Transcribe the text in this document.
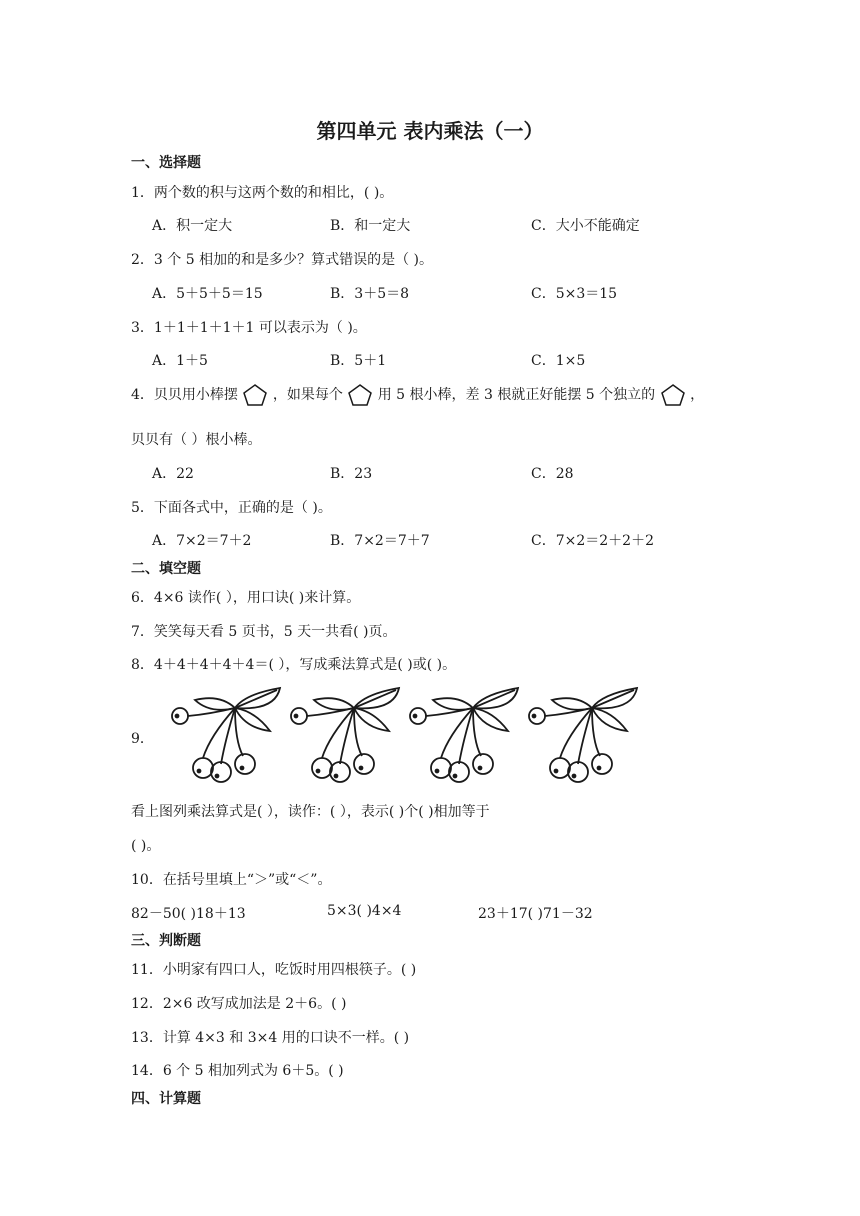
第四单元 表内乘法（一）
一、选择题
1．两个数的积与这两个数的和相比，( )。
A．积一定大	B．和一定大	C．大小不能确定
2．3 个 5 相加的和是多少？算式错误的是（ )。
A．5＋5＋5＝15	B．3＋5＝8	C．5×3＝15
3．1＋1＋1＋1＋1 可以表示为（ )。
A．1＋5	B．5＋1	C．1×5
4．贝贝用小棒摆 ，如果每个 用 5 根小棒，差 3 根就正好能摆 5 个独立的 ，
贝贝有（ ）根小棒。
A．22	B．23	C．28
5．下面各式中，正确的是（ )。
A．7×2＝7＋2	B．7×2＝7＋7	C．7×2＝2＋2＋2
二、填空题
6．4×6 读作( ），用口诀( )来计算。
7．笑笑每天看 5 页书，5 天一共看( )页。
8．4＋4＋4＋4＋4＝( ），写成乘法算式是( )或( )。
9．
看上图列乘法算式是( ），读作：( ），表示( )个( )相加等于
( )。
10．在括号里填上“＞”或“＜”。
82－50( )18＋13	5×3( )4×4	23＋17( )71－32
三、判断题
11．小明家有四口人，吃饭时用四根筷子。( )
12．2×6 改写成加法是 2＋6。( )
13．计算 4×3 和 3×4 用的口诀不一样。( )
14．6 个 5 相加列式为 6＋5。( )
四、计算题
